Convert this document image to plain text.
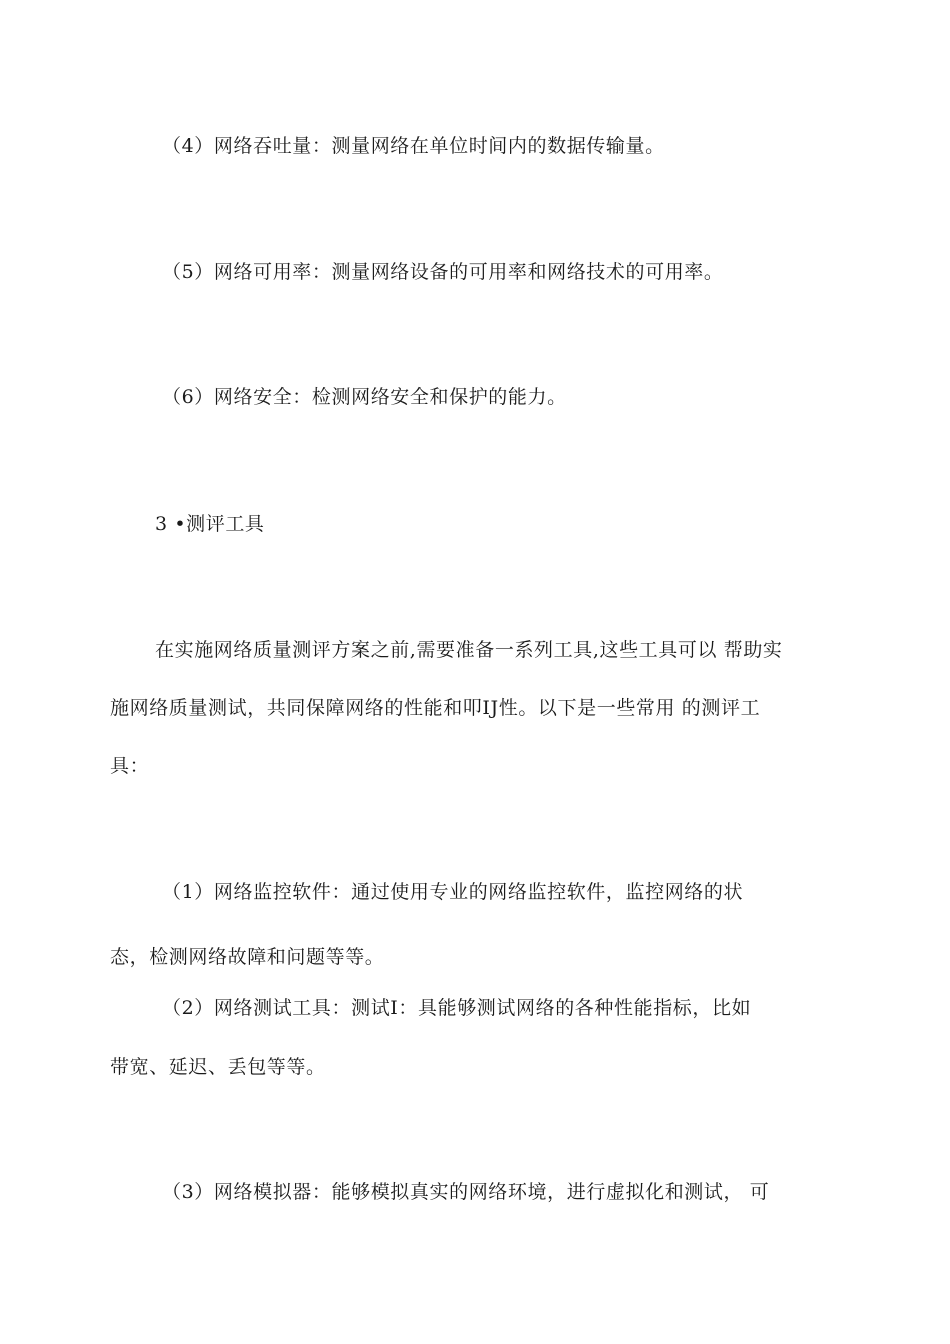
（4）网络吞吐量：测量网络在单位时间内的数据传输量。
（5）网络可用率：测量网络设备的可用率和网络技术的可用率。
（6）网络安全：检测网络安全和保护的能力。
3 •测评工具
在实施网络质量测评方案之前,需要准备一系列工具,这些工具可以 帮助实
施网络质量测试，共同保障网络的性能和叩IJ性。以下是一些常用 的测评工
具：
（1）网络监控软件：通过使用专业的网络监控软件，监控网络的状
态，检测网络故障和问题等等。
（2）网络测试工具：测试I：具能够测试网络的各种性能指标，比如
带宽、延迟、丢包等等。
（3）网络模拟器：能够模拟真实的网络环境，进行虚拟化和测试， 可
